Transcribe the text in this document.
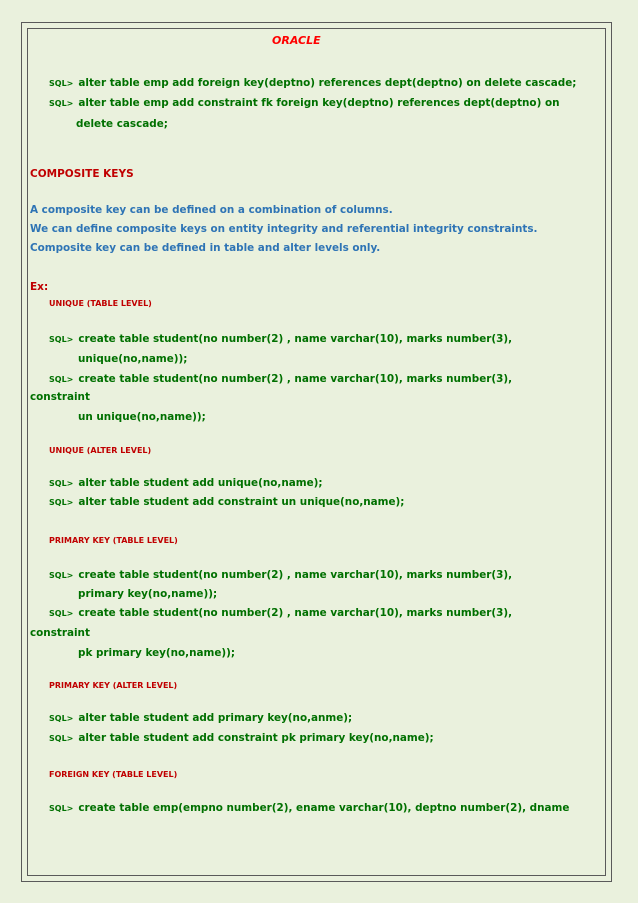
ORACLE
SQL> alter table emp add foreign key(deptno) references dept(deptno) on delete cascade;
SQL> alter table emp add constraint fk foreign key(deptno) references dept(deptno) on
delete cascade;
COMPOSITE KEYS
A composite key can be defined on a combination of columns.
We can define composite keys on entity integrity and referential integrity constraints.
Composite key can be defined in table and alter levels only.
Ex:
UNIQUE (TABLE LEVEL)
SQL> create table student(no number(2) , name varchar(10), marks number(3),
unique(no,name));
SQL> create table student(no number(2) , name varchar(10), marks number(3),
constraint
un unique(no,name));
UNIQUE (ALTER LEVEL)
SQL> alter table student add unique(no,name);
SQL> alter table student add constraint un unique(no,name);
PRIMARY KEY (TABLE LEVEL)
SQL> create table student(no number(2) , name varchar(10), marks number(3),
primary key(no,name));
SQL> create table student(no number(2) , name varchar(10), marks number(3),
constraint
pk primary key(no,name));
PRIMARY KEY (ALTER LEVEL)
SQL> alter table student add primary key(no,anme);
SQL> alter table student add constraint pk primary key(no,name);
FOREIGN KEY (TABLE LEVEL)
SQL> create table emp(empno number(2), ename varchar(10), deptno number(2), dname
